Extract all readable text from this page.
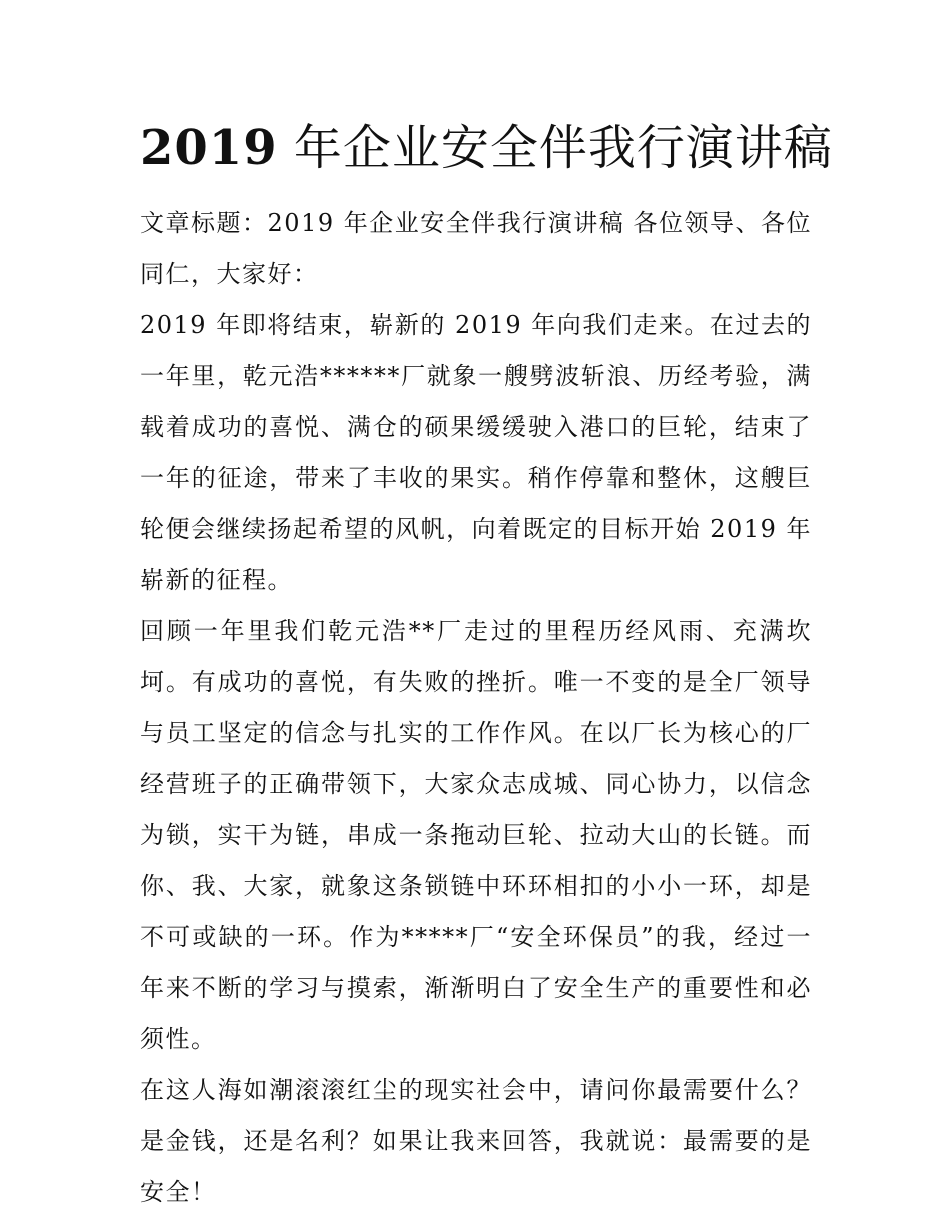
2019 年企业安全伴我行演讲稿

文章标题：2019 年企业安全伴我行演讲稿 各位领导、各位同仁，大家好：

2019 年即将结束，崭新的 2019 年向我们走来。在过去的一年里，乾元浩******厂就象一艘劈波斩浪、历经考验，满载着成功的喜悦、满仓的硕果缓缓驶入港口的巨轮，结束了一年的征途，带来了丰收的果实。稍作停靠和整休，这艘巨轮便会继续扬起希望的风帆，向着既定的目标开始 2019 年崭新的征程。

回顾一年里我们乾元浩**厂走过的里程历经风雨、充满坎坷。有成功的喜悦，有失败的挫折。唯一不变的是全厂领导与员工坚定的信念与扎实的工作作风。在以厂长为核心的厂经营班子的正确带领下，大家众志成城、同心协力，以信念为锁，实干为链，串成一条拖动巨轮、拉动大山的长链。而你、我、大家，就象这条锁链中环环相扣的小小一环，却是不可或缺的一环。作为*****厂“安全环保员”的我，经过一年来不断的学习与摸索，渐渐明白了安全生产的重要性和必须性。

在这人海如潮滚滚红尘的现实社会中，请问你最需要什么？是金钱，还是名利？如果让我来回答，我就说：最需要的是安全！
